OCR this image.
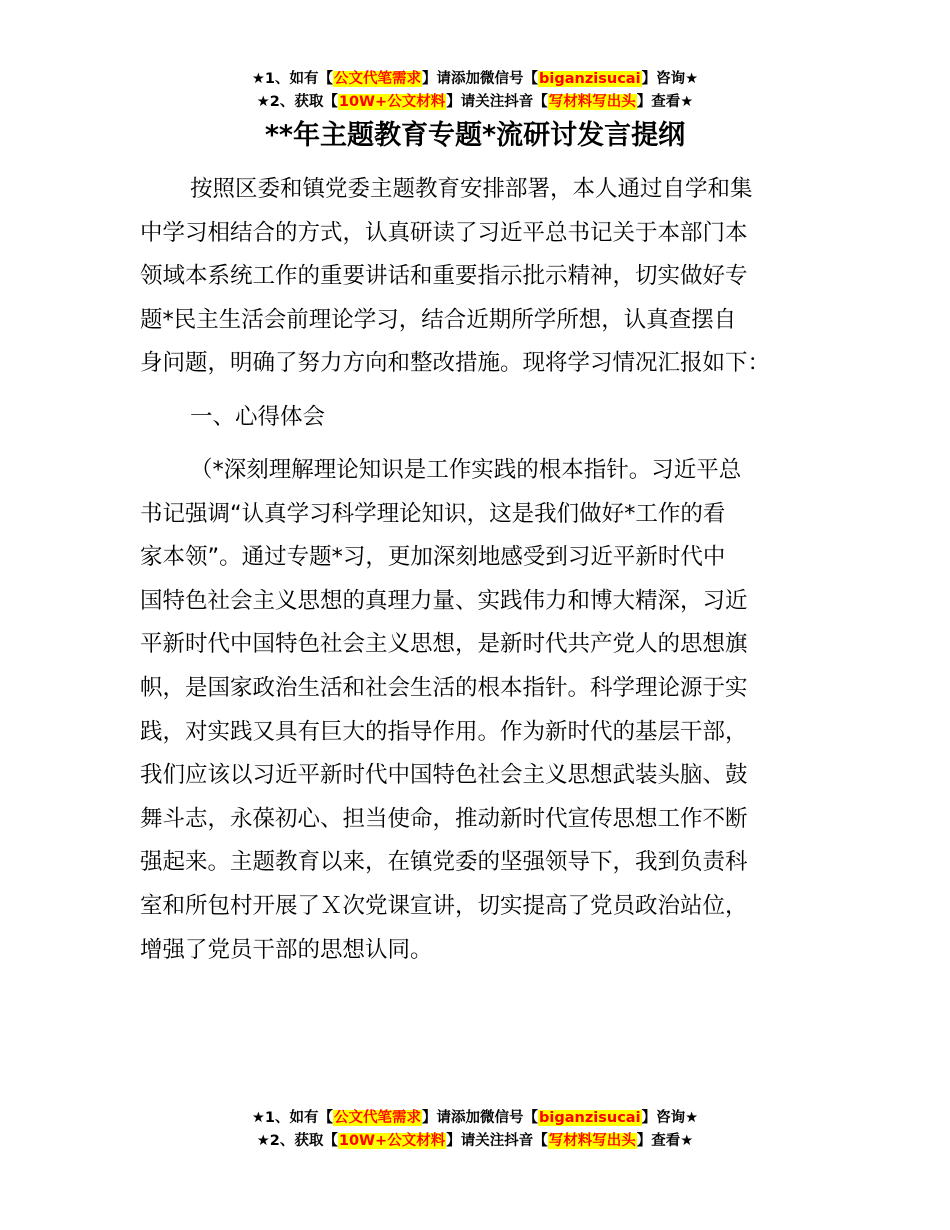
★1、如有【公文代笔需求】请添加微信号【biganzisucai】咨询★
★2、获取【10W+公文材料】请关注抖音【写材料写出头】查看★
**年主题教育专题*流研讨发言提纲
按照区委和镇党委主题教育安排部署，本人通过自学和集
中学习相结合的方式，认真研读了习近平总书记关于本部门本
领域本系统工作的重要讲话和重要指示批示精神，切实做好专
题*民主生活会前理论学习，结合近期所学所想，认真查摆自
身问题，明确了努力方向和整改措施。现将学习情况汇报如下：
一、心得体会
（*深刻理解理论知识是工作实践的根本指针。习近平总
书记强调“认真学习科学理论知识，这是我们做好*工作的看
家本领”。通过专题*习，更加深刻地感受到习近平新时代中
国特色社会主义思想的真理力量、实践伟力和博大精深，习近
平新时代中国特色社会主义思想，是新时代共产党人的思想旗
帜，是国家政治生活和社会生活的根本指针。科学理论源于实
践，对实践又具有巨大的指导作用。作为新时代的基层干部，
我们应该以习近平新时代中国特色社会主义思想武装头脑、鼓
舞斗志，永葆初心、担当使命，推动新时代宣传思想工作不断
强起来。主题教育以来，在镇党委的坚强领导下，我到负责科
室和所包村开展了Ｘ次党课宣讲，切实提高了党员政治站位，
增强了党员干部的思想认同。
★1、如有【公文代笔需求】请添加微信号【biganzisucai】咨询★
★2、获取【10W+公文材料】请关注抖音【写材料写出头】查看★
